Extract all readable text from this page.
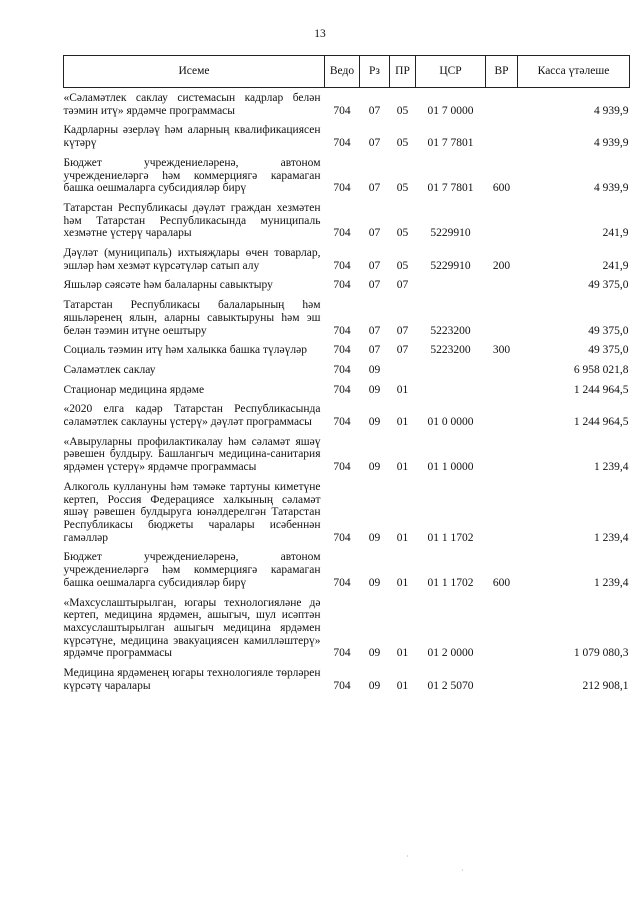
13
Исеме	Ведо	Рз	ПР	ЦСР	ВР	Касса үтәлеше
«Сәламәтлек саклау системасын кадрлар белән тәэмин итү» ярдәмче программасы	704	07	05	01 7 0000		4 939,9
Кадрларны әзерләү һәм аларның квалификациясен күтәрү	704	07	05	01 7 7801		4 939,9
Бюджет учреждениеләренә, автоном учреждениеләргә һәм коммерциягә карамаган башка оешмаларга субсидияләр бирү	704	07	05	01 7 7801	600	4 939,9
Татарстан Республикасы дәүләт граждан хезмәтен һәм Татарстан Республикасында муниципаль хезмәтне үстерү чаралары	704	07	05	5229910		241,9
Дәүләт (муниципаль) ихтыяҗлары өчен товарлар, эшләр һәм хезмәт күрсәтүләр сатып алу	704	07	05	5229910	200	241,9
Яшьләр сәясәте һәм балаларны савыктыру	704	07	07			49 375,0
Татарстан Республикасы балаларының һәм яшьләренең ялын, аларны савыктыруны һәм эш белән тәэмин итүне оештыру	704	07	07	5223200		49 375,0
Социаль тәэмин итү һәм халыкка башка түләүләр	704	07	07	5223200	300	49 375,0
Сәламәтлек саклау	704	09				6 958 021,8
Стационар медицина ярдәме	704	09	01			1 244 964,5
«2020 елга кадәр Татарстан Республикасында сәламәтлек саклауны үстерү» дәүләт программасы	704	09	01	01 0 0000		1 244 964,5
«Авыруларны профилактикалау һәм сәламәт яшәү рәвешен булдыру. Башлангыч медицина-санитария ярдәмен үстерү» ярдәмче программасы	704	09	01	01 1 0000		1 239,4
Алкоголь куллануны һәм тәмәке тартуны киметүне кертеп, Россия Федерациясе халкының сәламәт яшәү рәвешен булдыруга юнәлдерелгән Татарстан Республикасы бюджеты чаралары исәбеннән гамәлләр	704	09	01	01 1 1702		1 239,4
Бюджет учреждениеләренә, автоном учреждениеләргә һәм коммерциягә карамаган башка оешмаларга субсидияләр бирү	704	09	01	01 1 1702	600	1 239,4
«Махсуслаштырылган, югары технологияләне дә кертеп, медицина ярдәмен, ашыгыч, шул исәптән махсуслаштырылган ашыгыч медицина ярдәмен күрсәтүне, медицина эвакуациясен камилләштерү» ярдәмче программасы	704	09	01	01 2 0000		1 079 080,3
Медицина ярдәменең югары технологияле төрләрен күрсәтү чаралары	704	09	01	01 2 5070		212 908,1
·
·
